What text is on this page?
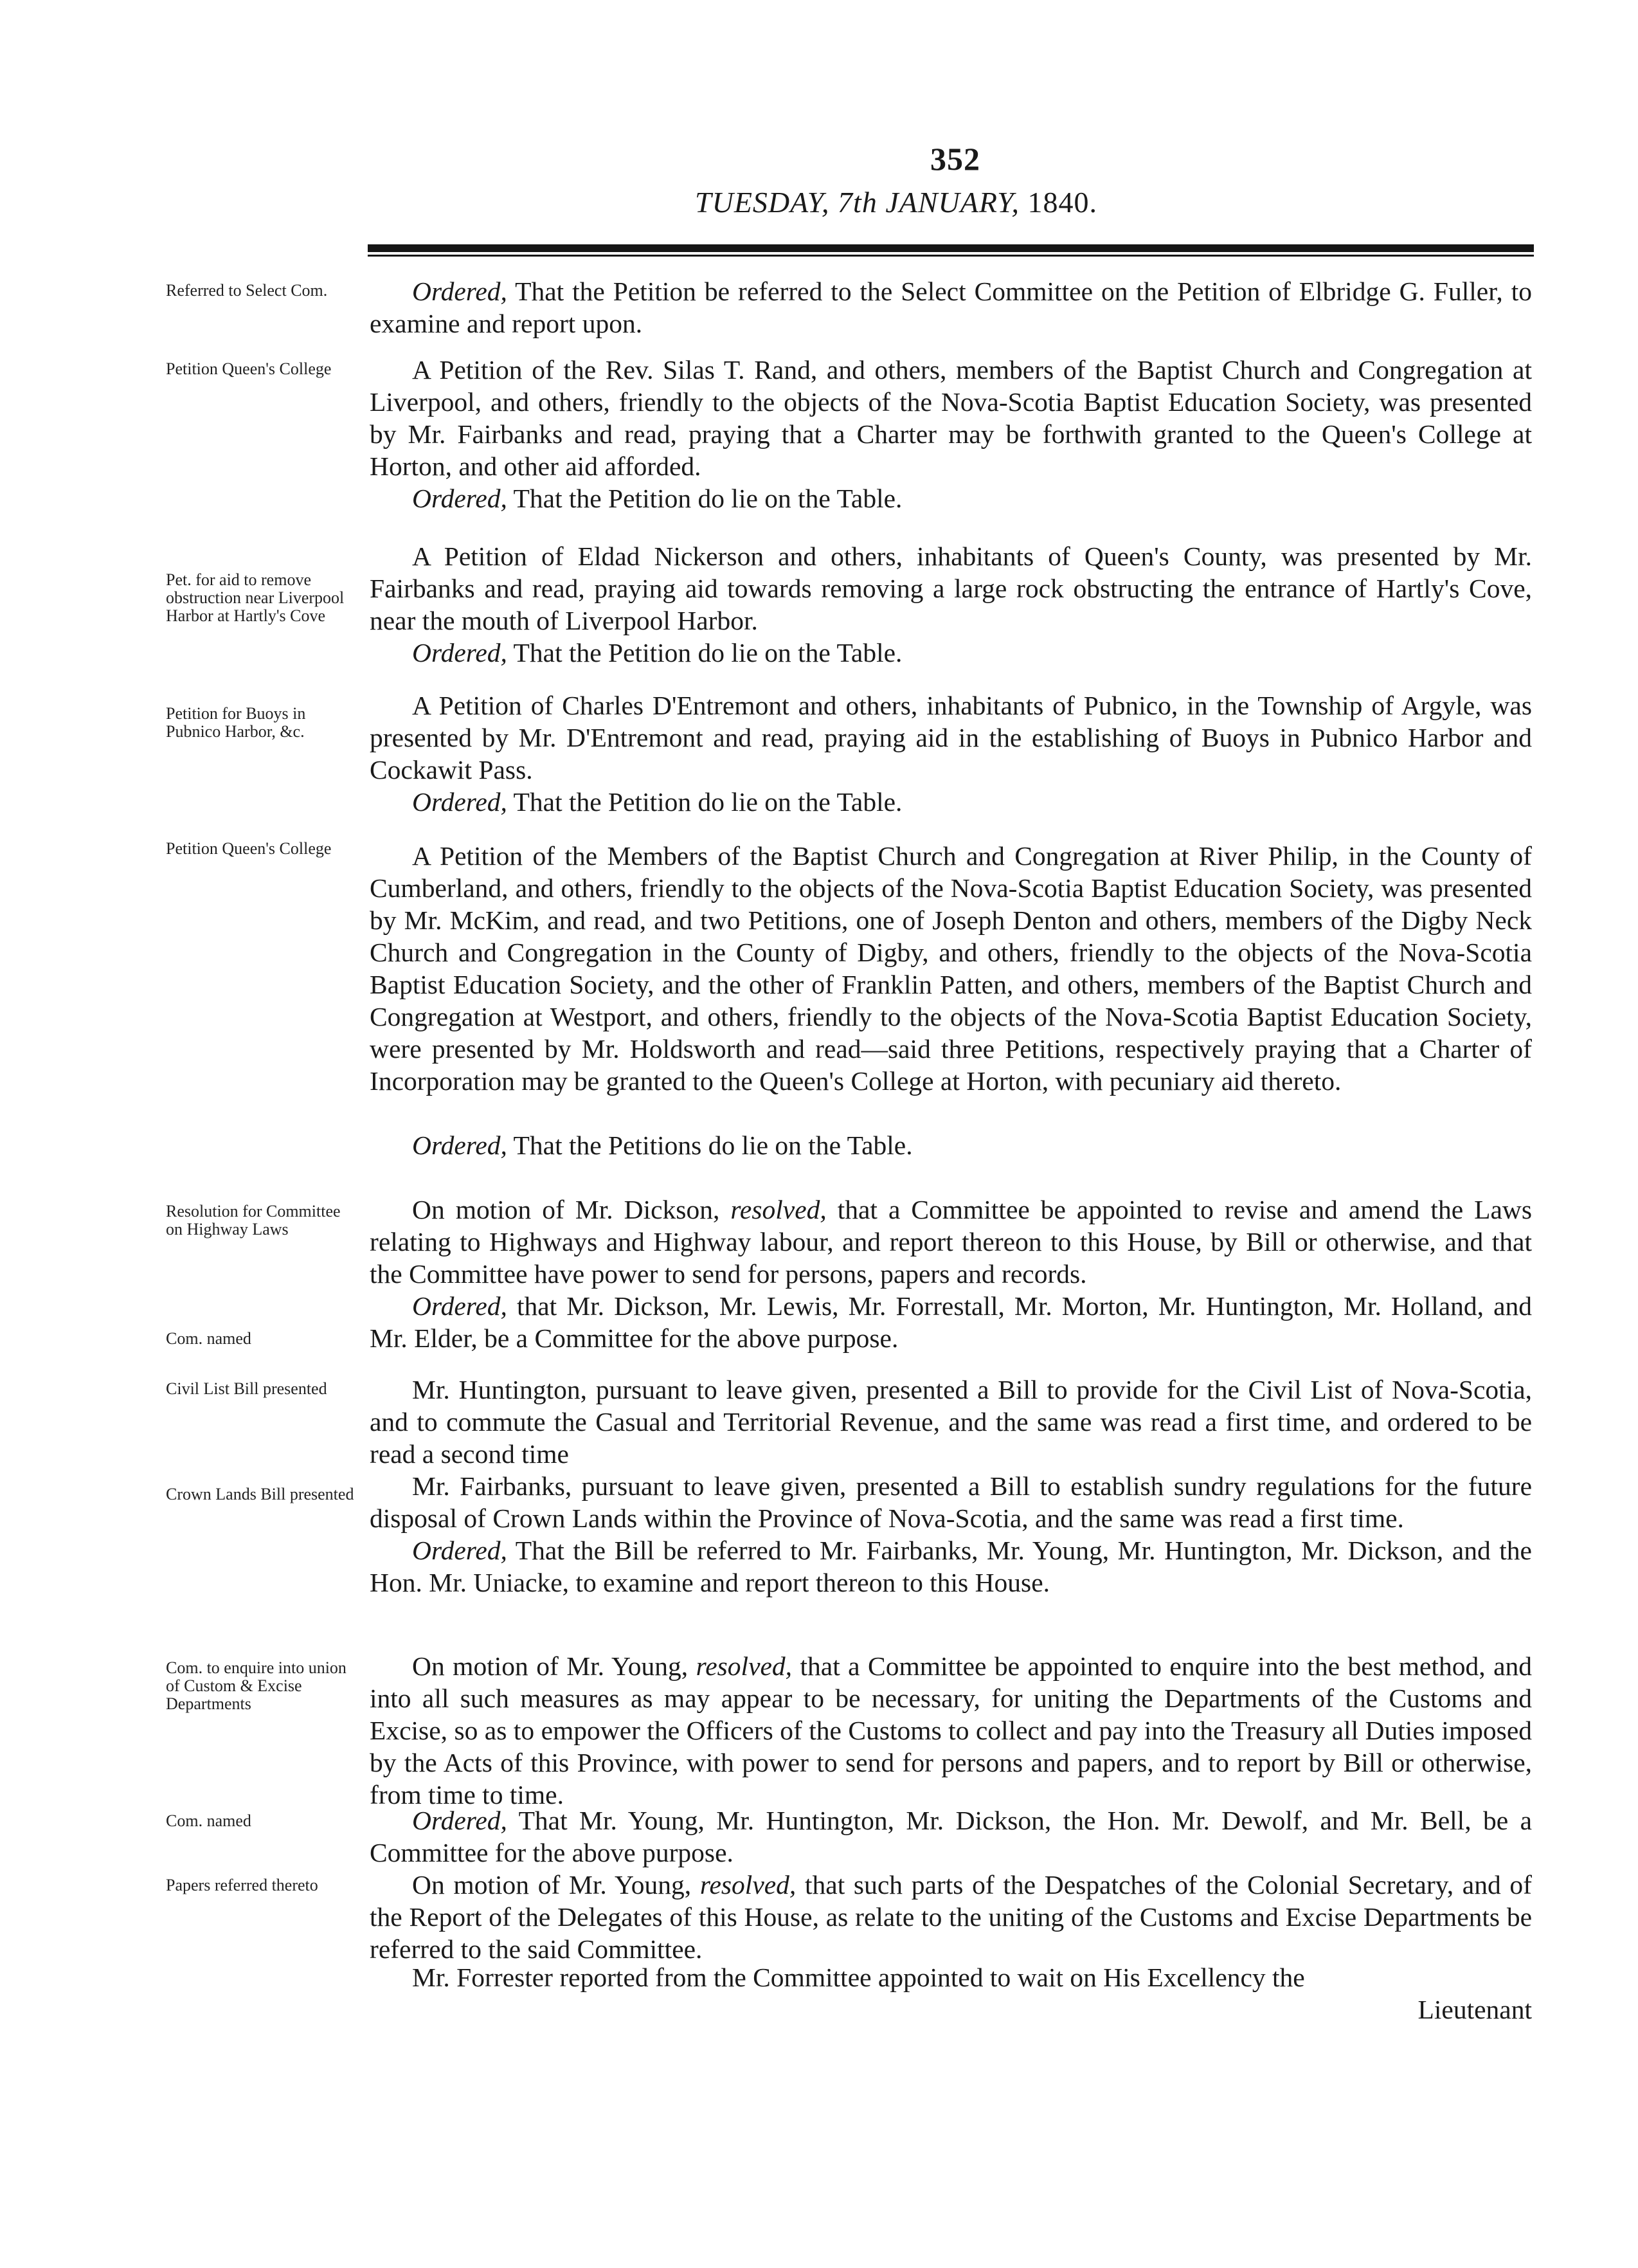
352
TUESDAY, 7th JANUARY, 1840.
Referred to Select Com.
Petition Queen's College
Pet. for aid to remove obstruction near Liverpool Harbor at Hartly's Cove
Petition for Buoys in Pubnico Harbor, &c.
Petition Queen's College
Resolution for Committee on Highway Laws
Com. named
Civil List Bill presented
Crown Lands Bill presented
Com. to enquire into union of Custom & Excise Departments
Com. named
Papers referred thereto
Ordered, That the Petition be referred to the Select Committee on the Petition of Elbridge G. Fuller, to examine and report upon.
A Petition of the Rev. Silas T. Rand, and others, members of the Baptist Church and Congregation at Liverpool, and others, friendly to the objects of the Nova-Scotia Baptist Education Society, was presented by Mr. Fairbanks and read, praying that a Charter may be forthwith granted to the Queen's College at Horton, and other aid afforded.
Ordered, That the Petition do lie on the Table.
A Petition of Eldad Nickerson and others, inhabitants of Queen's County, was presented by Mr. Fairbanks and read, praying aid towards removing a large rock obstructing the entrance of Hartly's Cove, near the mouth of Liverpool Harbor.
Ordered, That the Petition do lie on the Table.
A Petition of Charles D'Entremont and others, inhabitants of Pubnico, in the Township of Argyle, was presented by Mr. D'Entremont and read, praying aid in the establishing of Buoys in Pubnico Harbor and Cockawit Pass.
Ordered, That the Petition do lie on the Table.
A Petition of the Members of the Baptist Church and Congregation at River Philip, in the County of Cumberland, and others, friendly to the objects of the Nova-Scotia Baptist Education Society, was presented by Mr. McKim, and read, and two Petitions, one of Joseph Denton and others, members of the Digby Neck Church and Congregation in the County of Digby, and others, friendly to the objects of the Nova-Scotia Baptist Education Society, and the other of Franklin Patten, and others, members of the Baptist Church and Congregation at Westport, and others, friendly to the objects of the Nova-Scotia Baptist Education Society, were presented by Mr. Holdsworth and read—said three Petitions, respectively praying that a Charter of Incorporation may be granted to the Queen's College at Horton, with pecuniary aid thereto.
Ordered, That the Petitions do lie on the Table.
On motion of Mr. Dickson, resolved, that a Committee be appointed to revise and amend the Laws relating to Highways and Highway labour, and report thereon to this House, by Bill or otherwise, and that the Committee have power to send for persons, papers and records.
Ordered, that Mr. Dickson, Mr. Lewis, Mr. Forrestall, Mr. Morton, Mr. Huntington, Mr. Holland, and Mr. Elder, be a Committee for the above purpose.
Mr. Huntington, pursuant to leave given, presented a Bill to provide for the Civil List of Nova-Scotia, and to commute the Casual and Territorial Revenue, and the same was read a first time, and ordered to be read a second time
Mr. Fairbanks, pursuant to leave given, presented a Bill to establish sundry regulations for the future disposal of Crown Lands within the Province of Nova-Scotia, and the same was read a first time.
Ordered, That the Bill be referred to Mr. Fairbanks, Mr. Young, Mr. Huntington, Mr. Dickson, and the Hon. Mr. Uniacke, to examine and report thereon to this House.
On motion of Mr. Young, resolved, that a Committee be appointed to enquire into the best method, and into all such measures as may appear to be necessary, for uniting the Departments of the Customs and Excise, so as to empower the Officers of the Customs to collect and pay into the Treasury all Duties imposed by the Acts of this Province, with power to send for persons and papers, and to report by Bill or otherwise, from time to time.
Ordered, That Mr. Young, Mr. Huntington, Mr. Dickson, the Hon. Mr. Dewolf, and Mr. Bell, be a Committee for the above purpose.
On motion of Mr. Young, resolved, that such parts of the Despatches of the Colonial Secretary, and of the Report of the Delegates of this House, as relate to the uniting of the Customs and Excise Departments be referred to the said Committee.
Mr. Forrester reported from the Committee appointed to wait on His Excellency the
Lieutenant
